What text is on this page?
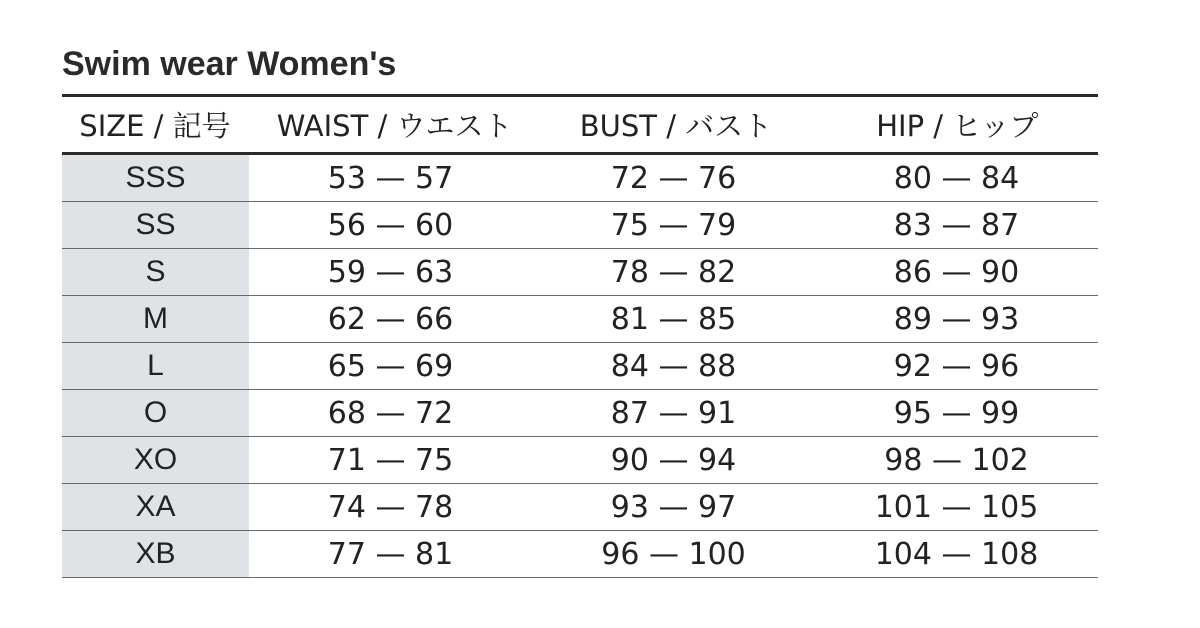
Swim wear Women's
SIZE / 記号	WAIST / ウエスト	BUST / バスト	HIP / ヒップ
SSS	53 — 57	72 — 76	80 — 84
SS	56 — 60	75 — 79	83 — 87
S	59 — 63	78 — 82	86 — 90
M	62 — 66	81 — 85	89 — 93
L	65 — 69	84 — 88	92 — 96
O	68 — 72	87 — 91	95 — 99
XO	71 — 75	90 — 94	98 — 102
XA	74 — 78	93 — 97	101 — 105
XB	77 — 81	96 — 100	104 — 108
